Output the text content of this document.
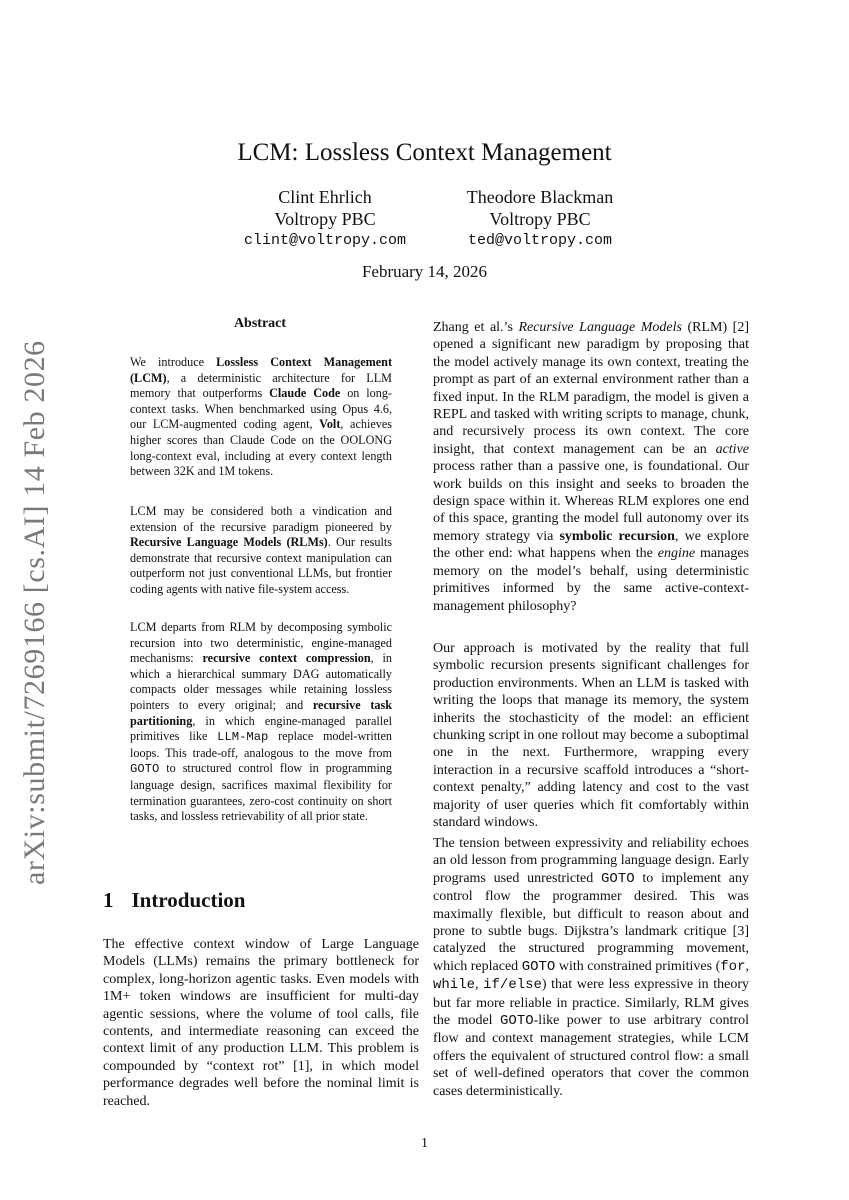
arXiv:submit/7269166 [cs.AI] 14 Feb 2026
LCM: Lossless Context Management
Clint Ehrlich
Voltropy PBC
clint@voltropy.com
Theodore Blackman
Voltropy PBC
ted@voltropy.com
February 14, 2026
Abstract

We introduce Lossless Context Management (LCM), a deterministic architecture for LLM memory that outperforms Claude Code on long-context tasks. When benchmarked using Opus 4.6, our LCM-augmented coding agent, Volt, achieves higher scores than Claude Code on the OOLONG long-context eval, including at every context length between 32K and 1M tokens.

LCM may be considered both a vindication and extension of the recursive paradigm pioneered by Recursive Language Models (RLMs). Our results demonstrate that recursive context manipulation can outperform not just conventional LLMs, but frontier coding agents with native file-system access.

LCM departs from RLM by decomposing symbolic recursion into two deterministic, engine-managed mechanisms: recursive context compression, in which a hierarchical summary DAG automatically compacts older messages while retaining lossless pointers to every original; and recursive task partitioning, in which engine-managed parallel primitives like LLM-Map replace model-written loops. This trade-off, analogous to the move from GOTO to structured control flow in programming language design, sacrifices maximal flexibility for termination guarantees, zero-cost continuity on short tasks, and lossless retrievability of all prior state.

1 Introduction

The effective context window of Large Language Models (LLMs) remains the primary bottleneck for complex, long-horizon agentic tasks. Even models with 1M+ token windows are insufficient for multi-day agentic sessions, where the volume of tool calls, file contents, and intermediate reasoning can exceed the context limit of any production LLM. This problem is compounded by “context rot” [1], in which model performance degrades well before the nominal limit is reached.

Zhang et al.’s Recursive Language Models (RLM) [2] opened a significant new paradigm by proposing that the model actively manage its own context, treating the prompt as part of an external environment rather than a fixed input. In the RLM paradigm, the model is given a REPL and tasked with writing scripts to manage, chunk, and recursively process its own context. The core insight, that context management can be an active process rather than a passive one, is foundational. Our work builds on this insight and seeks to broaden the design space within it. Whereas RLM explores one end of this space, granting the model full autonomy over its memory strategy via symbolic recursion, we explore the other end: what happens when the engine manages memory on the model’s behalf, using deterministic primitives informed by the same active-context-management philosophy?

Our approach is motivated by the reality that full symbolic recursion presents significant challenges for production environments. When an LLM is tasked with writing the loops that manage its memory, the system inherits the stochasticity of the model: an efficient chunking script in one rollout may become a suboptimal one in the next. Furthermore, wrapping every interaction in a recursive scaffold introduces a “short-context penalty,” adding latency and cost to the vast majority of user queries which fit comfortably within standard windows.

The tension between expressivity and reliability echoes an old lesson from programming language design. Early programs used unrestricted GOTO to implement any control flow the programmer desired. This was maximally flexible, but difficult to reason about and prone to subtle bugs. Dijkstra’s landmark critique [3] catalyzed the structured programming movement, which replaced GOTO with constrained primitives (for, while, if/else) that were less expressive in theory but far more reliable in practice. Similarly, RLM gives the model GOTO-like power to use arbitrary control flow and context management strategies, while LCM offers the equivalent of structured control flow: a small set of well-defined operators that cover the common cases deterministically.

1
